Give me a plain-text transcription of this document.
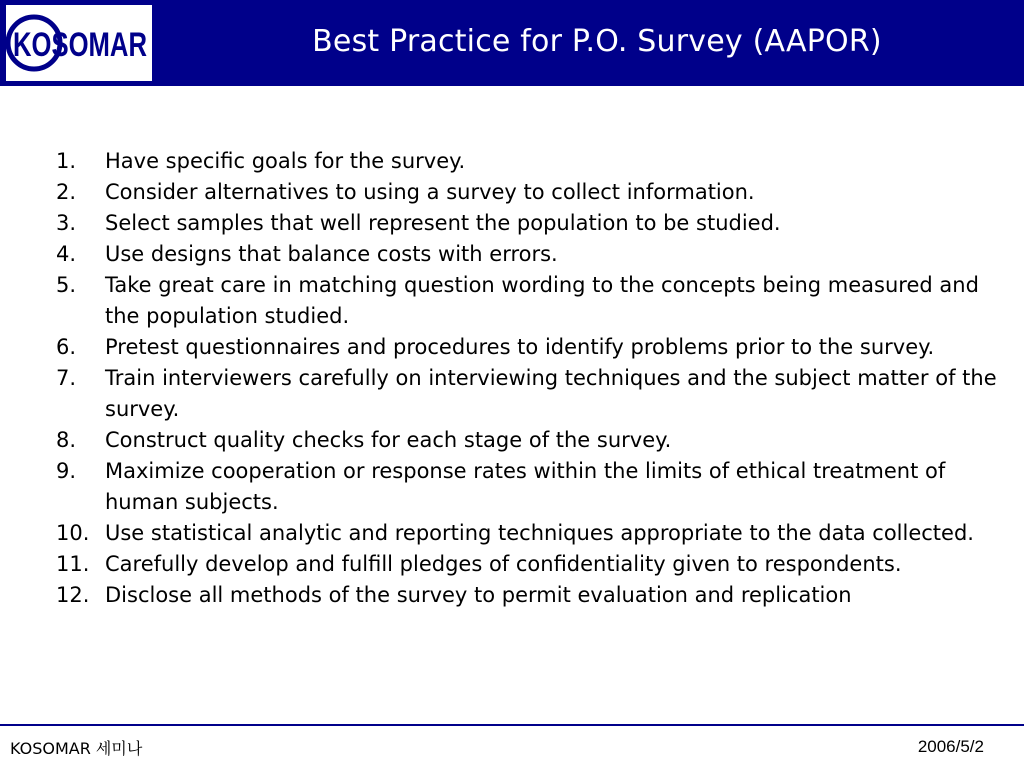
KOSOMAR	Best Practice for P.O. Survey (AAPOR)
1. Have specific goals for the survey.
2. Consider alternatives to using a survey to collect information.
3. Select samples that well represent the population to be studied.
4. Use designs that balance costs with errors.
5. Take great care in matching question wording to the concepts being measured and the population studied.
6. Pretest questionnaires and procedures to identify problems prior to the survey.
7. Train interviewers carefully on interviewing techniques and the subject matter of the survey.
8. Construct quality checks for each stage of the survey.
9. Maximize cooperation or response rates within the limits of ethical treatment of human subjects.
10. Use statistical analytic and reporting techniques appropriate to the data collected.
11. Carefully develop and fulfill pledges of confidentiality given to respondents.
12. Disclose all methods of the survey to permit evaluation and replication
KOSOMAR 세미나	2006/5/2
